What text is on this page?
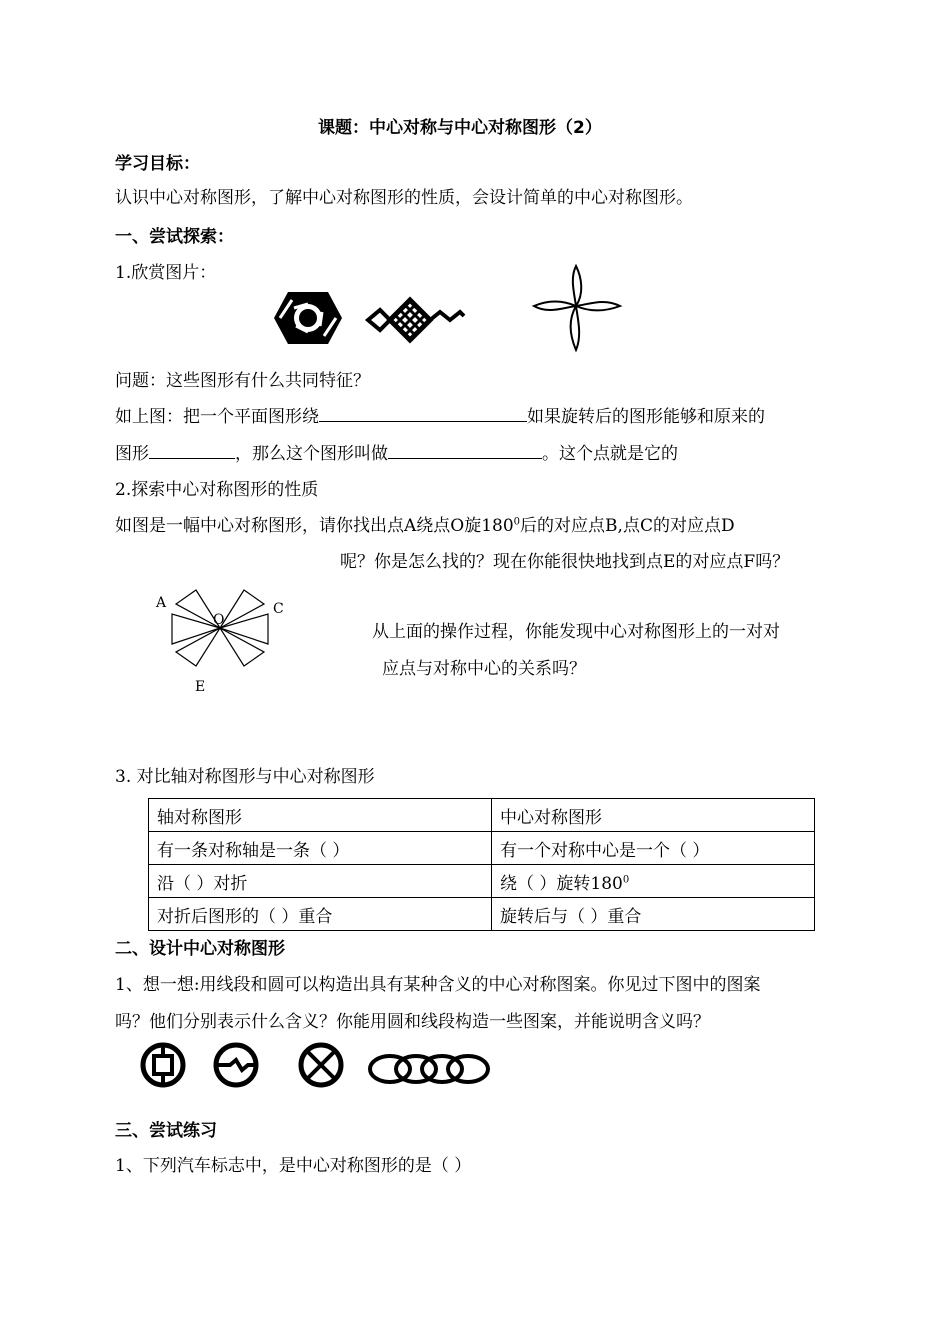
课题：中心对称与中心对称图形（2）
学习目标：
认识中心对称图形，了解中心对称图形的性质，会设计简单的中心对称图形。
一、尝试探索：
1.欣赏图片：
问题：这些图形有什么共同特征？
如上图：把一个平面图形绕	如果旋转后的图形能够和原来的
图形	，那么这个图形叫做	。这个点就是它的
2.探索中心对称图形的性质
如图是一幅中心对称图形，请你找出点A绕点O旋$180^0$后的对应点B,点C的对应点D
呢？你是怎么找的？现在你能很快地找到点E的对应点F吗？
A
O
C
E
从上面的操作过程，你能发现中心对称图形上的一对对
应点与对称中心的关系吗？
3. 对比轴对称图形与中心对称图形
轴对称图形	中心对称图形
有一条对称轴是一条（ ）	有一个对称中心是一个（ ）
沿（ ）对折	绕（ ）旋转$180^0$
对折后图形的（ ）重合	旋转后与（ ）重合
二、设计中心对称图形
1、想一想:用线段和圆可以构造出具有某种含义的中心对称图案。你见过下图中的图案
吗？他们分别表示什么含义？你能用圆和线段构造一些图案，并能说明含义吗？
三、尝试练习
1、下列汽车标志中，是中心对称图形的是（ ）
